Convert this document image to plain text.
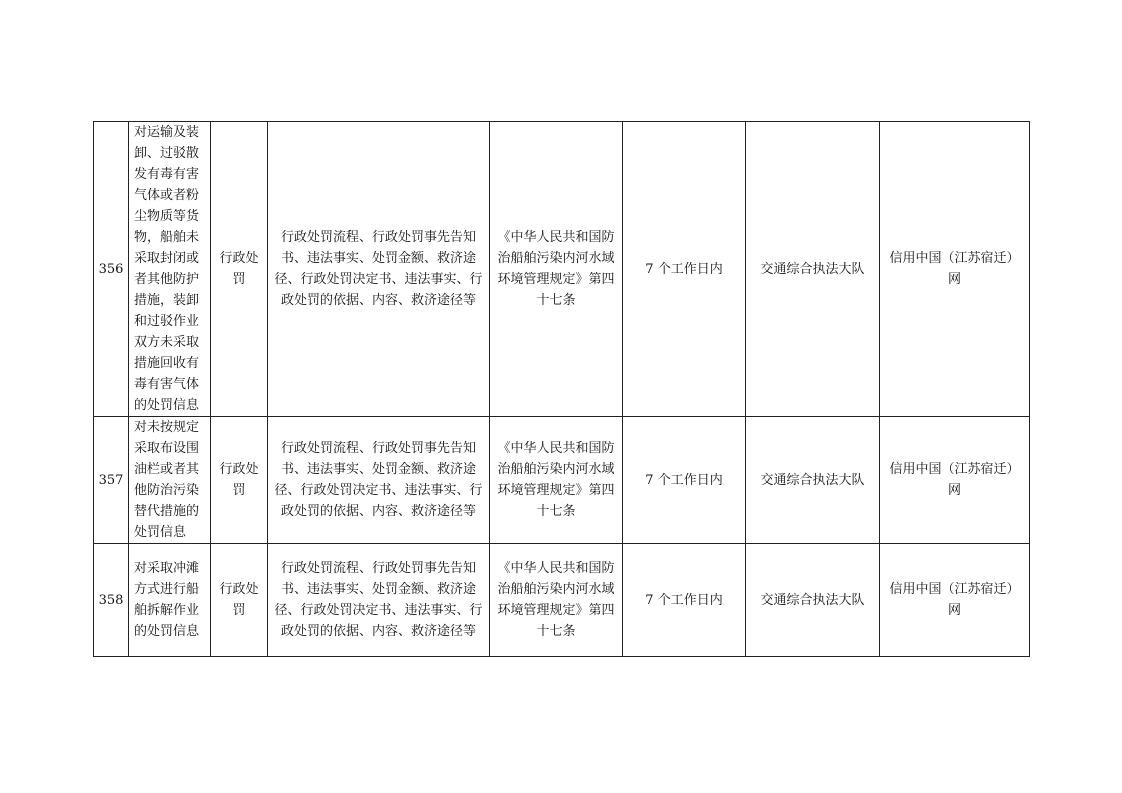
356	对运输及装卸、过驳散发有毒有害气体或者粉尘物质等货物，船舶未采取封闭或者其他防护措施，装卸和过驳作业双方未采取措施回收有毒有害气体的处罚信息	行政处罚	行政处罚流程、行政处罚事先告知书、违法事实、处罚金额、救济途径、行政处罚决定书、违法事实、行政处罚的依据、内容、救济途径等	《中华人民共和国防治船舶污染内河水域环境管理规定》第四十七条	7 个工作日内	交通综合执法大队	信用中国（江苏宿迁）网
357	对未按规定采取布设围油栏或者其他防治污染替代措施的处罚信息	行政处罚	行政处罚流程、行政处罚事先告知书、违法事实、处罚金额、救济途径、行政处罚决定书、违法事实、行政处罚的依据、内容、救济途径等	《中华人民共和国防治船舶污染内河水域环境管理规定》第四十七条	7 个工作日内	交通综合执法大队	信用中国（江苏宿迁）网
358	对采取冲滩方式进行船舶拆解作业的处罚信息	行政处罚	行政处罚流程、行政处罚事先告知书、违法事实、处罚金额、救济途径、行政处罚决定书、违法事实、行政处罚的依据、内容、救济途径等	《中华人民共和国防治船舶污染内河水域环境管理规定》第四十七条	7 个工作日内	交通综合执法大队	信用中国（江苏宿迁）网
